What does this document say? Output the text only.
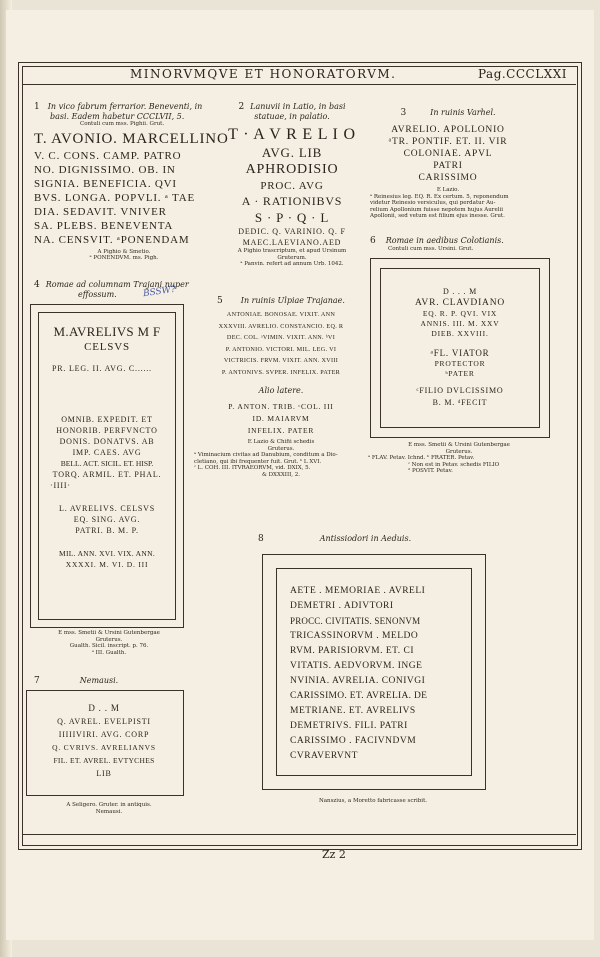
MINORVMQVE ET HONORATORVM.	Pag.CCCLXXI
1 In vico fabrum ferrarior. Beneventi, in
basi. Eadem habetur CCCLVII, 5.
Contuli cum mss. Pighii. Grut.
T. AVONIO. MARCELLINO
V. C. CONS. CAMP. PATRO
NO. DIGNISSIMO. OB. IN
SIGNIA. BENEFICIA. QVI
BVS. LONGA. POPVLI. ᵃ TAE
DIA. SEDAVIT. VNIVER
SA. PLEBS. BENEVENTA
NA. CENSVIT. ᵃPONENDAM
A Pighio & Smetio.
ᵃ PONENDVM. ms. Pigh.
2 Lanuvii in Latio, in basi
statuae, in palatio.
T · A V R E L I O
AVG. LIB
APHRODISIO
PROC. AVG
A · RATIONIBVS
S · P · Q · L
DEDIC. Q. VARINIO. Q. F
MAEC.LAEVIANO.AED
A Pighio trascriptum, et apud Ursinum
Gruterum.
ᵃ Panvin. refert ad annum Urb. 1042.
3	In ruinis Varhel.
AVRELIO. APOLLONIO
ᵃTR. PONTIF. ET. II. VIR
COLONIAE. APVL
PATRI
CARISSIMO
E Lazio.
ᵃ Reinesius leg. EQ. R. Ex certum. 5, reponendum
videtur Reinesio versiculus, qui perdatur Au-
relium Apollonium fuisse nepotem hujus Aurelii
Apollonii, sed vetum est filium ejus inesse. Grut.
4 Romae ad columnam Trajani nuper
effossum.	BSSW?
M.AVRELIVS M F
CELSVS
PR. LEG. II. AVG. C......
OMNIB. EXPEDIT. ET
HONORIB. PERFVNCTO
DONIS. DONATVS. AB
IMP. CAES. AVG
BELL. ACT. SICIL. ET. HISP.
TORQ. ARMIL. ET. PHAL.
·IIII·
L. AVRELIVS. CELSVS
EQ. SING. AVG.
PATRI. B. M. P.
MIL. ANN. XVI. VIX. ANN.
XXXXI. M. VI. D. III
E mss. Smetii & Ursini Gutenbergae
Gruterus.
Gualth. Sicil. inscript. p. 76.
ᵃ III. Gualth.
5 In ruinis Ulpiae Trajanae.
ANTONIAE. BONOSAE. VIXIT. ANN
XXXVIII. AVRELIO. CONSTANCIO. EQ. R
DEC. COL. ᵃVIMIN. VIXIT. ANN. ᵇVI
P. ANTONIO. VICTORI. MIL. LEG. VI
VICTRICIS. FRVM. VIXIT. ANN. XVIII
P. ANTONIVS. SVPER. INFELIX. PATER
Alio latere.
P. ANTON. TRIB. ᶜCOL. III
ID. MAIARVM
INFELIX. PATER
E Lazio & Chifii schedis
Gruterus.
ᵃ Viminacium civitas ad Danubium, conditum a Dio-
cletiano, qui ibi frequenter fuit. Grut. ᵇ L XVI.
ᶜ L. COH. III. ITVRAEORVM, vid. DXIX, 5.
& DXXXIII, 2.
6 Romae in aedibus Colotianis.
Contuli cum mss. Ursini. Grut.
D . . . M
AVR. CLAVDIANO
EQ. R. P. QVI. VIX
ANNIS. III. M. XXV
DIEB. XXVIII.
ᵃFL. VIATOR
PROTECTOR
ᵇPATER
ᶜFILIO DVLCISSIMO
B. M. ᵈFECIT
E mss. Smetii & Ursini Gutenbergae
Gruterus.
ᵃ FLAV. Petav. Ichnd. ᵇ FRATER. Petav.
ᶜ Non est in Petav. schedis FILIO
ᵈ POSVIT. Petav.
7	Nemausi.
D . . M
Q. AVREL. EVELPISTI
IIIIIVIRI. AVG. CORP
Q. CVRIVS. AVRELIANVS
FIL. ET. AVREL. EVTYCHES
LIB
A Seligero. Gruter. in antiquis.
Nemausi.
8	Antissiodori in Aeduis.
AETE . MEMORIAE . AVRELI
DEMETRI . ADIVTORI
PROCC. CIVITATIS. SENONVM
TRICASSINORVM . MELDO
RVM. PARISIORVM. ET. CI
VITATIS. AEDVORVM. INGE
NVINIA. AVRELIA. CONIVGI
CARISSIMO. ET. AVRELIA. DE
METRIANE. ET. AVRELIVS
DEMETRIVS. FILI. PATRI
CARISSIMO . FACIVNDVM
CVRAVERVNT
Nanszius, a Moretto fabricasse scribit.
Zz 2
